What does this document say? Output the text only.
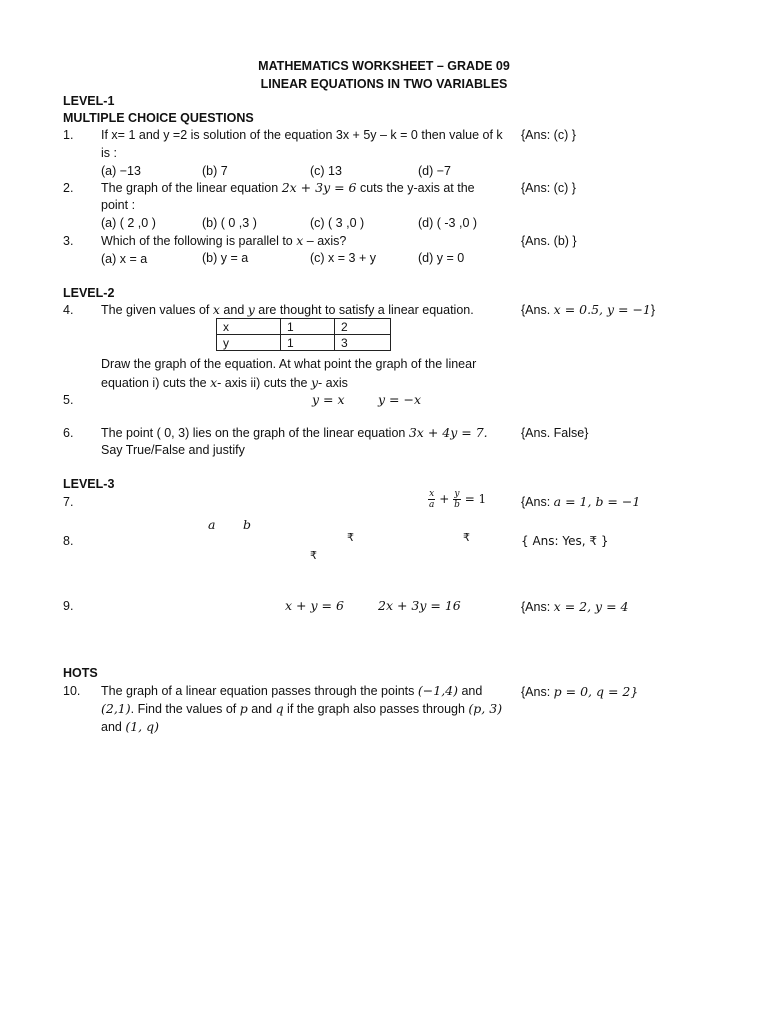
MATHEMATICS WORKSHEET – GRADE 09
LINEAR EQUATIONS IN TWO VARIABLES
LEVEL-1
MULTIPLE CHOICE QUESTIONS
1. If x= 1 and y =2 is solution of the equation 3x + 5y – k = 0 then value of k
is :
(a) −13	(b) 7	(c) 13	(d) −7
{Ans: (c) }
2. The graph of the linear equation 2x + 3y = 6 cuts the y-axis at the
point :
(a) ( 2 ,0 )	(b) ( 0 ,3 )	(c) ( 3 ,0 )	(d) ( -3 ,0 )
{Ans: (c) }
3. Which of the following is parallel to x – axis?
(a) x = a	(b) y = a	(c) x = 3 + y	(d) y = 0
{Ans. (b) }
LEVEL-2
4. The given values of x and y are thought to satisfy a linear equation.	{Ans. x = 0.5, y = −1}
x	1	2
y	1	3
Draw the graph of the equation. At what point the graph of the linear
equation i) cuts the x- axis ii) cuts the y- axis
5.	y = x	y = −x
6. The point ( 0, 3) lies on the graph of the linear equation 3x + 4y = 7.
Say True/False and justify
{Ans. False}
LEVEL-3
7.	$\frac{x}{a} + \frac{y}{b} = 1$
a b
{Ans: a = 1, b = −1
8.	₹	₹
₹
{ Ans: Yes, ₹ }
9.	x + y = 6	2x + 3y = 16	{Ans: x = 2, y = 4
HOTS
10. The graph of a linear equation passes through the points (−1,4) and
(2,1). Find the values of p and q if the graph also passes through (p, 3)
and (1, q)
{Ans: p = 0, q = 2}
